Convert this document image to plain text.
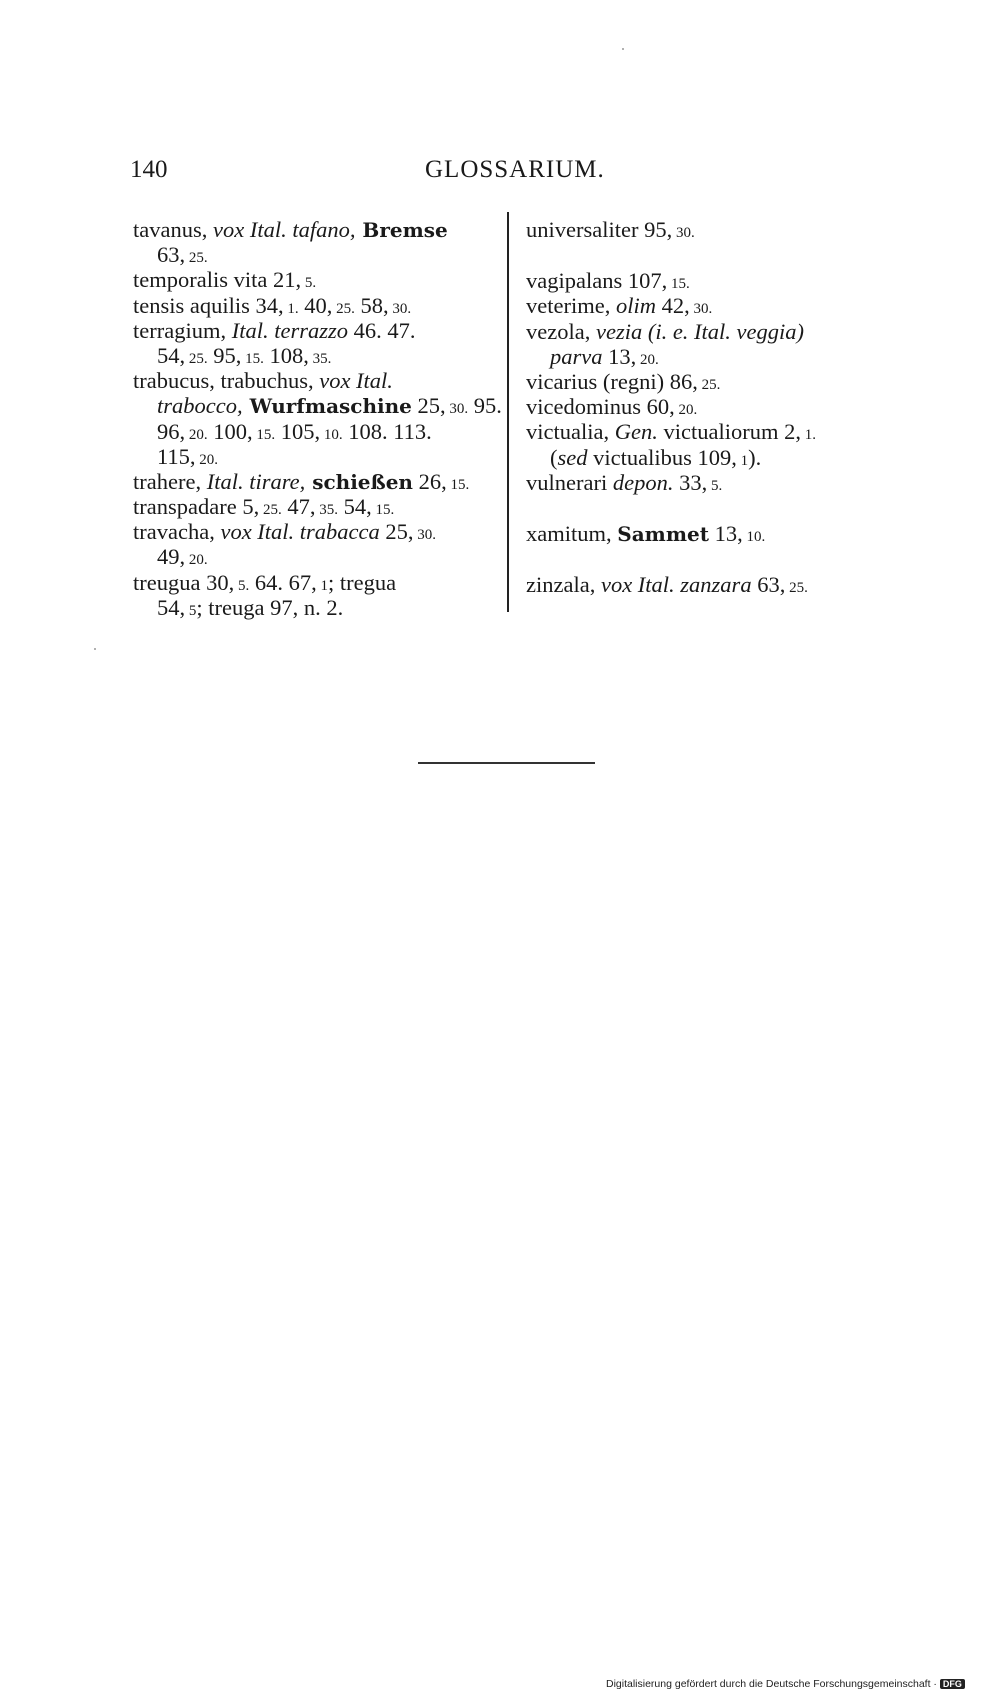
140	GLOSSARIUM.
tavanus, vox Ital. tafano, Bremse
63, 25.
temporalis vita 21, 5.
tensis aquilis 34, 1. 40, 25. 58, 30.
terragium, Ital. terrazzo 46. 47.
54, 25. 95, 15. 108, 35.
trabucus, trabuchus, vox Ital.
trabocco, Wurfmaschine 25, 30. 95.
96, 20. 100, 15. 105, 10. 108. 113.
115, 20.
trahere, Ital. tirare, schießen 26, 15.
transpadare 5, 25. 47, 35. 54, 15.
travacha, vox Ital. trabacca 25, 30.
49, 20.
treugua 30, 5. 64. 67, 1; tregua
54, 5; treuga 97, n. 2.
universaliter 95, 30.
vagipalans 107, 15.
veterime, olim 42, 30.
vezola, vezia (i. e. Ital. veggia)
parva 13, 20.
vicarius (regni) 86, 25.
vicedominus 60, 20.
victualia, Gen. victualiorum 2, 1.
(sed victualibus 109, 1).
vulnerari depon. 33, 5.
xamitum, Sammet 13, 10.
zinzala, vox Ital. zanzara 63, 25.
Digitalisierung gefördert durch die Deutsche Forschungsgemeinschaft · DFG
